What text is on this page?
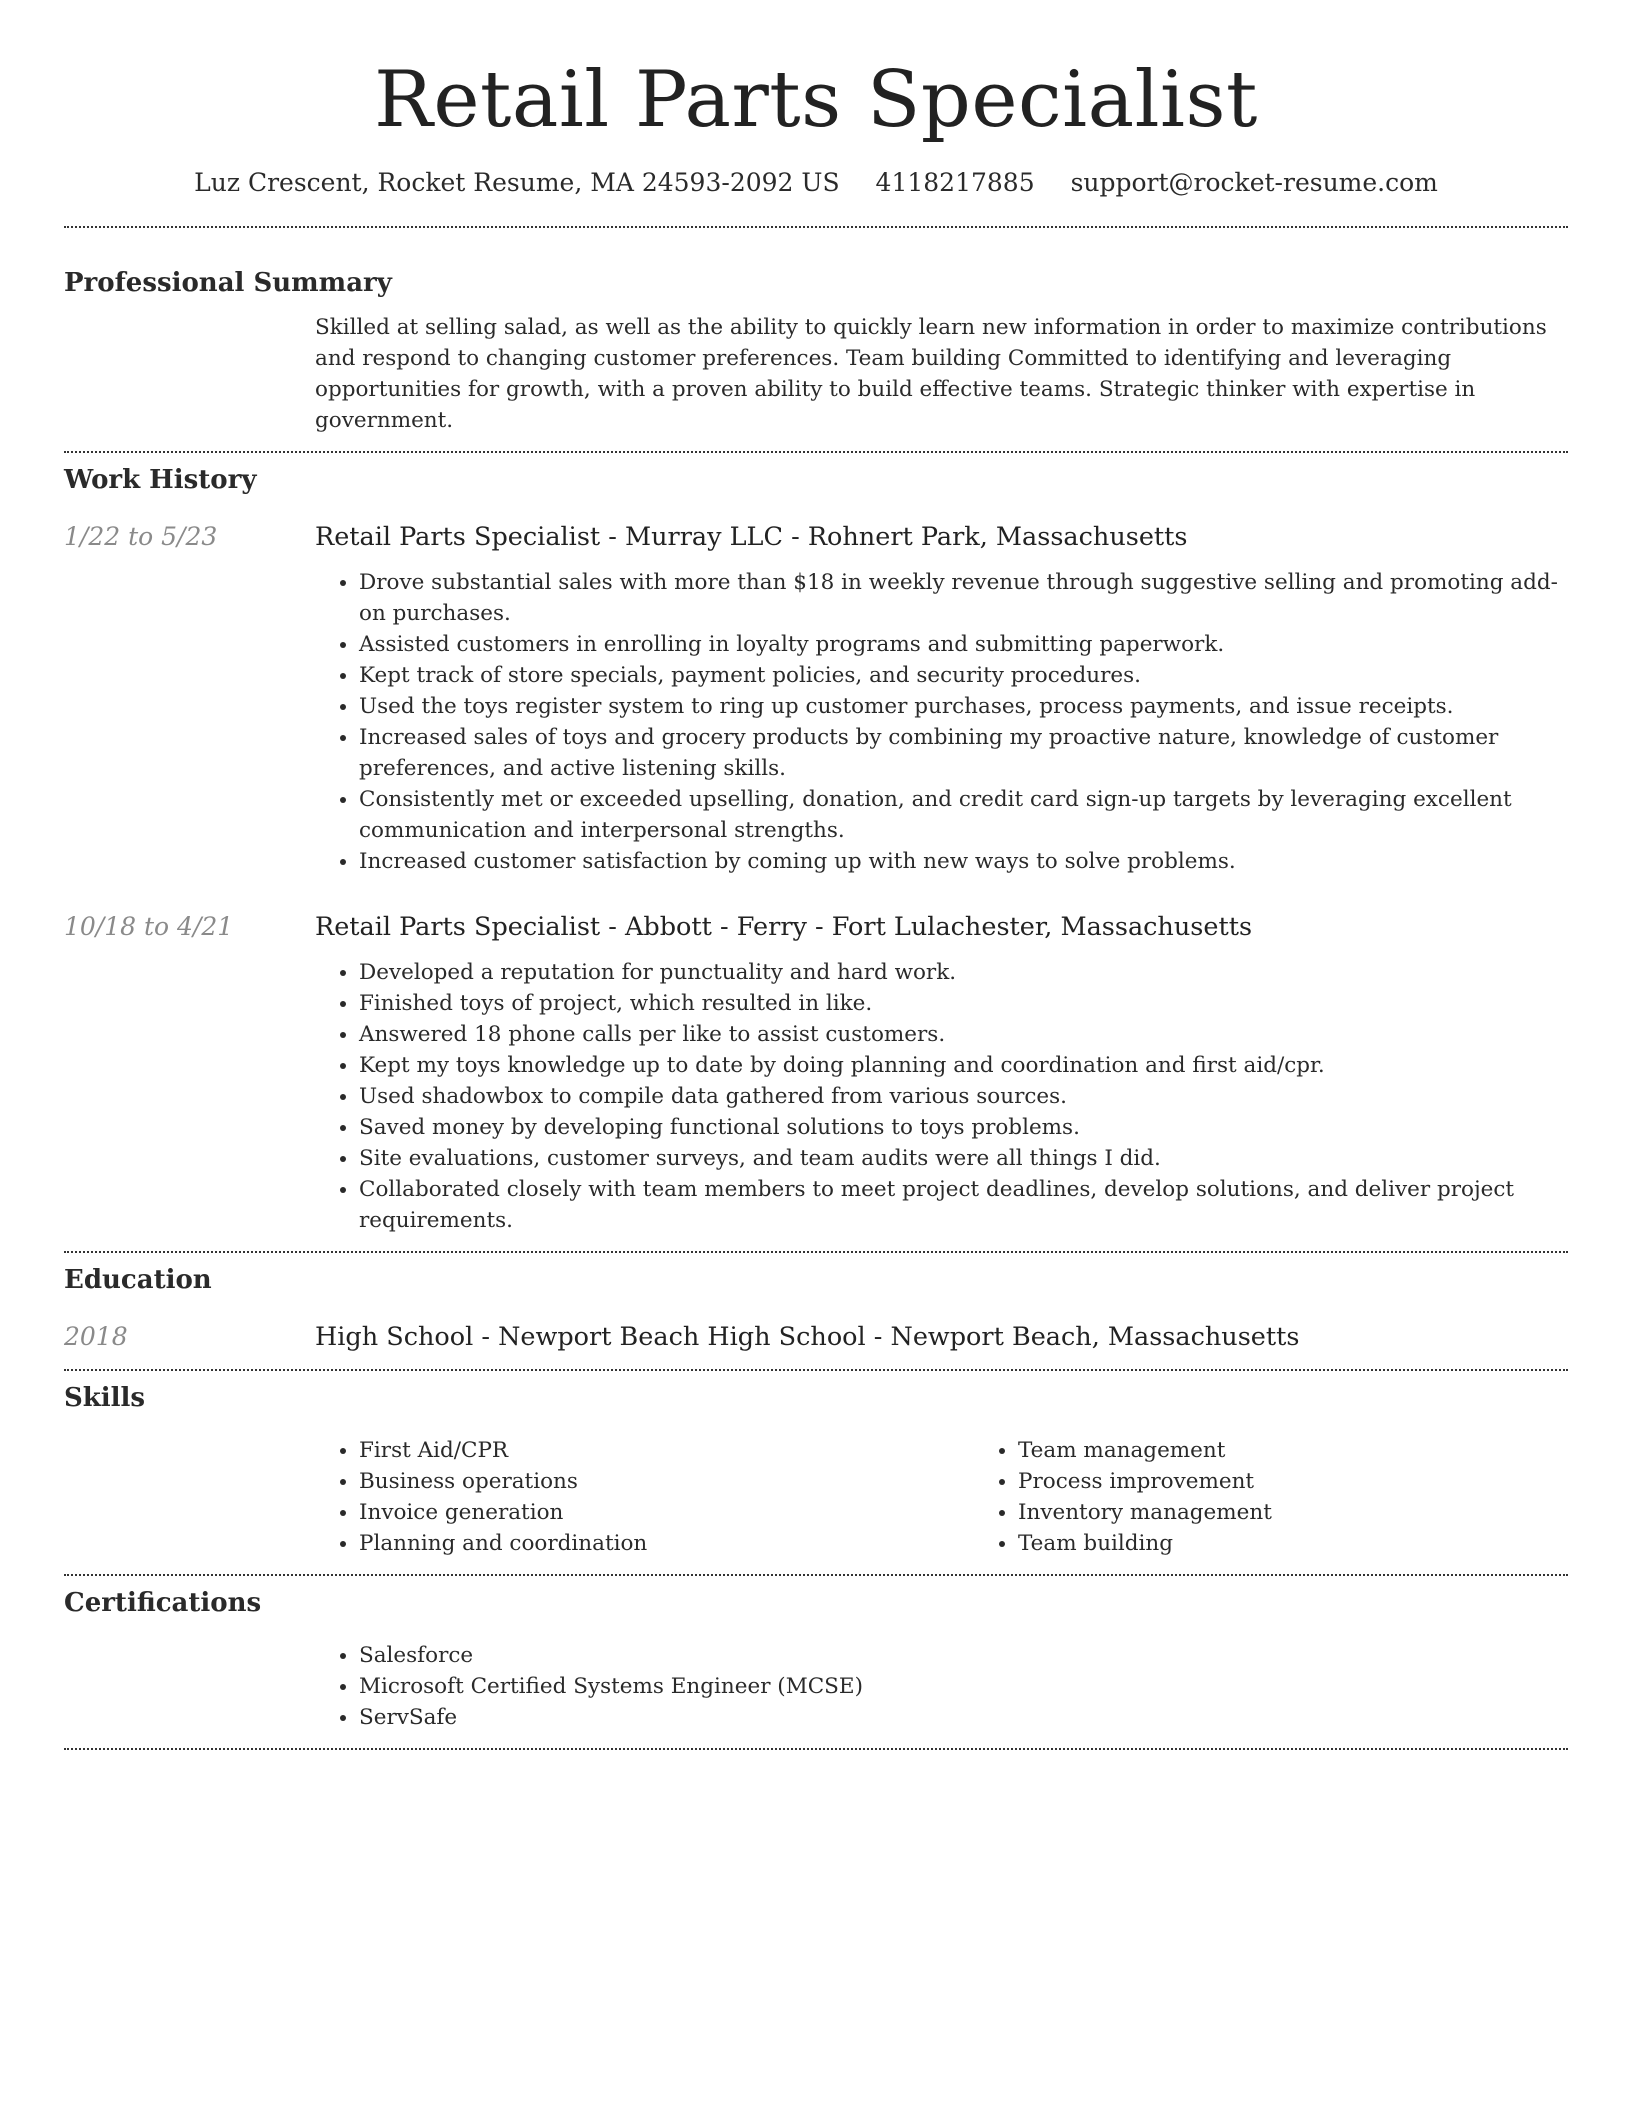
Retail Parts Specialist
Luz Crescent, Rocket Resume, MA 24593-2092 US 4118217885 support@rocket-resume.com
Professional Summary

Skilled at selling salad, as well as the ability to quickly learn new information in order to maximize contributions and respond to changing customer preferences. Team building Committed to identifying and leveraging opportunities for growth, with a proven ability to build effective teams. Strategic thinker with expertise in government.

Work History
1/22 to 5/23	Retail Parts Specialist - Murray LLC - Rohnert Park, Massachusetts
• Drove substantial sales with more than $18 in weekly revenue through suggestive selling and promoting add-on purchases.
• Assisted customers in enrolling in loyalty programs and submitting paperwork.
• Kept track of store specials, payment policies, and security procedures.
• Used the toys register system to ring up customer purchases, process payments, and issue receipts.
• Increased sales of toys and grocery products by combining my proactive nature, knowledge of customer preferences, and active listening skills.
• Consistently met or exceeded upselling, donation, and credit card sign-up targets by leveraging excellent communication and interpersonal strengths.
• Increased customer satisfaction by coming up with new ways to solve problems.
10/18 to 4/21	Retail Parts Specialist - Abbott - Ferry - Fort Lulachester, Massachusetts
• Developed a reputation for punctuality and hard work.
• Finished toys of project, which resulted in like.
• Answered 18 phone calls per like to assist customers.
• Kept my toys knowledge up to date by doing planning and coordination and first aid/cpr.
• Used shadowbox to compile data gathered from various sources.
• Saved money by developing functional solutions to toys problems.
• Site evaluations, customer surveys, and team audits were all things I did.
• Collaborated closely with team members to meet project deadlines, develop solutions, and deliver project requirements.
Education
2018	High School - Newport Beach High School - Newport Beach, Massachusetts
Skills
• First Aid/CPR
• Business operations
• Invoice generation
• Planning and coordination
• Team management
• Process improvement
• Inventory management
• Team building
Certifications
• Salesforce
• Microsoft Certified Systems Engineer (MCSE)
• ServSafe
